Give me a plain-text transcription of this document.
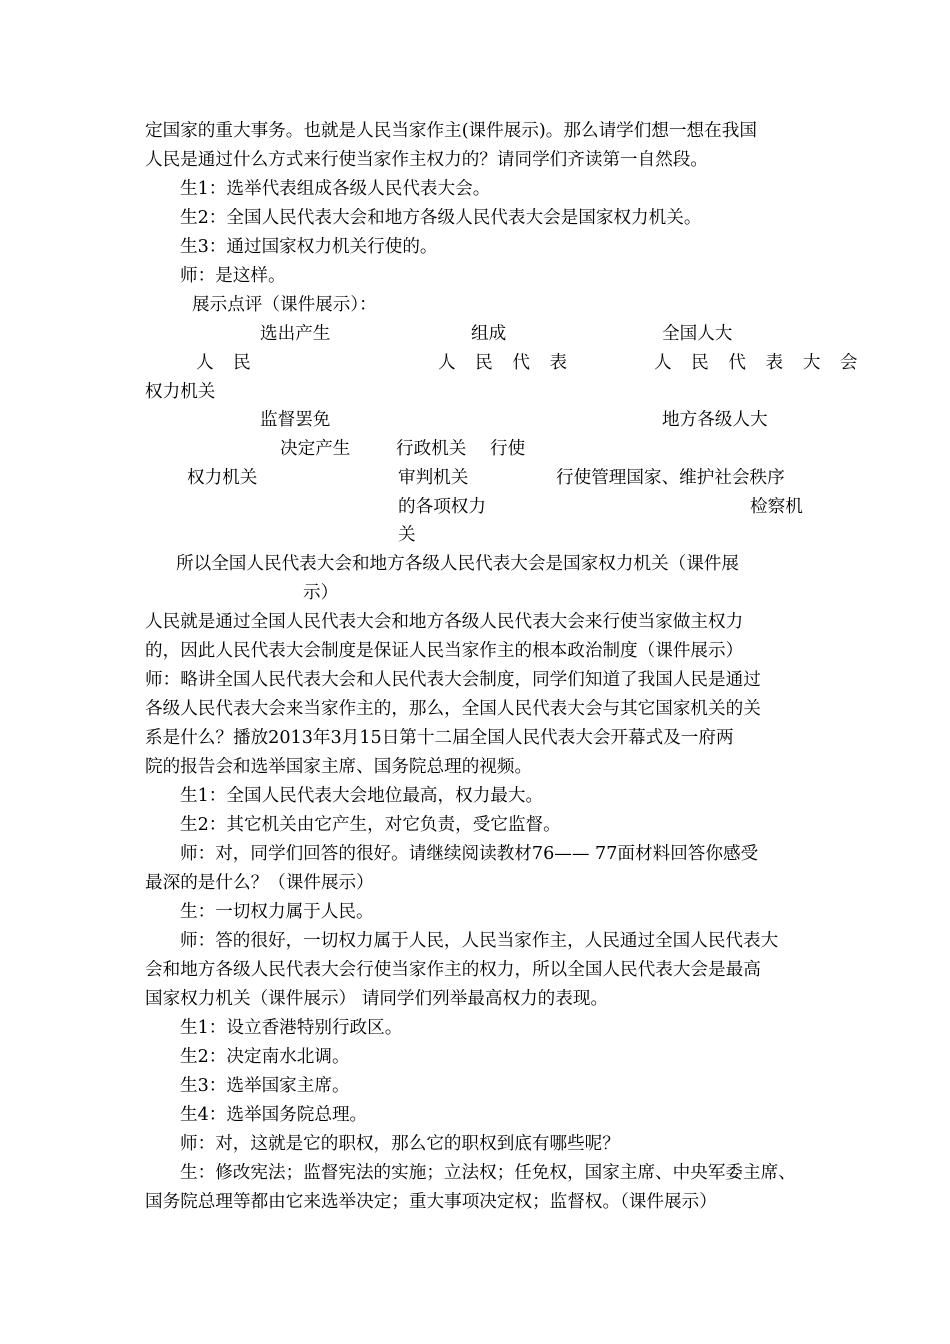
定国家的重大事务。也就是人民当家作主(课件展示)。那么请学们想一想在我国
人民是通过什么方式来行使当家作主权力的？请同学们齐读第一自然段。
生1：选举代表组成各级人民代表大会。
生2：全国人民代表大会和地方各级人民代表大会是国家权力机关。
生3：通过国家权力机关行使的。
师：是这样。
展示点评（课件展示）：
选出产生	组成	全国人大
人 民	人 民 代 表	人 民 代 表 大 会
权力机关
监督罢免	地方各级人大
决定产生	行政机关 行使
权力机关	审判机关	行使管理国家、维护社会秩序
的各项权力	检察机
关
所以全国人民代表大会和地方各级人民代表大会是国家权力机关（课件展
示）
人民就是通过全国人民代表大会和地方各级人民代表大会来行使当家做主权力
的，因此人民代表大会制度是保证人民当家作主的根本政治制度（课件展示）
师：略讲全国人民代表大会和人民代表大会制度，同学们知道了我国人民是通过
各级人民代表大会来当家作主的，那么，全国人民代表大会与其它国家机关的关
系是什么？播放2013年3月15日第十二届全国人民代表大会开幕式及一府两
院的报告会和选举国家主席、国务院总理的视频。
生1：全国人民代表大会地位最高，权力最大。
生2：其它机关由它产生，对它负责，受它监督。
师：对，同学们回答的很好。请继续阅读教材76—— 77面材料回答你感受
最深的是什么？（课件展示）
生：一切权力属于人民。
师：答的很好，一切权力属于人民，人民当家作主，人民通过全国人民代表大
会和地方各级人民代表大会行使当家作主的权力，所以全国人民代表大会是最高
国家权力机关（课件展示） 请同学们列举最高权力的表现。
生1：设立香港特别行政区。
生2：决定南水北调。
生3：选举国家主席。
生4：选举国务院总理。
师：对，这就是它的职权，那么它的职权到底有哪些呢？
生：修改宪法；监督宪法的实施；立法权；任免权，国家主席、中央军委主席、
国务院总理等都由它来选举决定；重大事项决定权；监督权。（课件展示）
